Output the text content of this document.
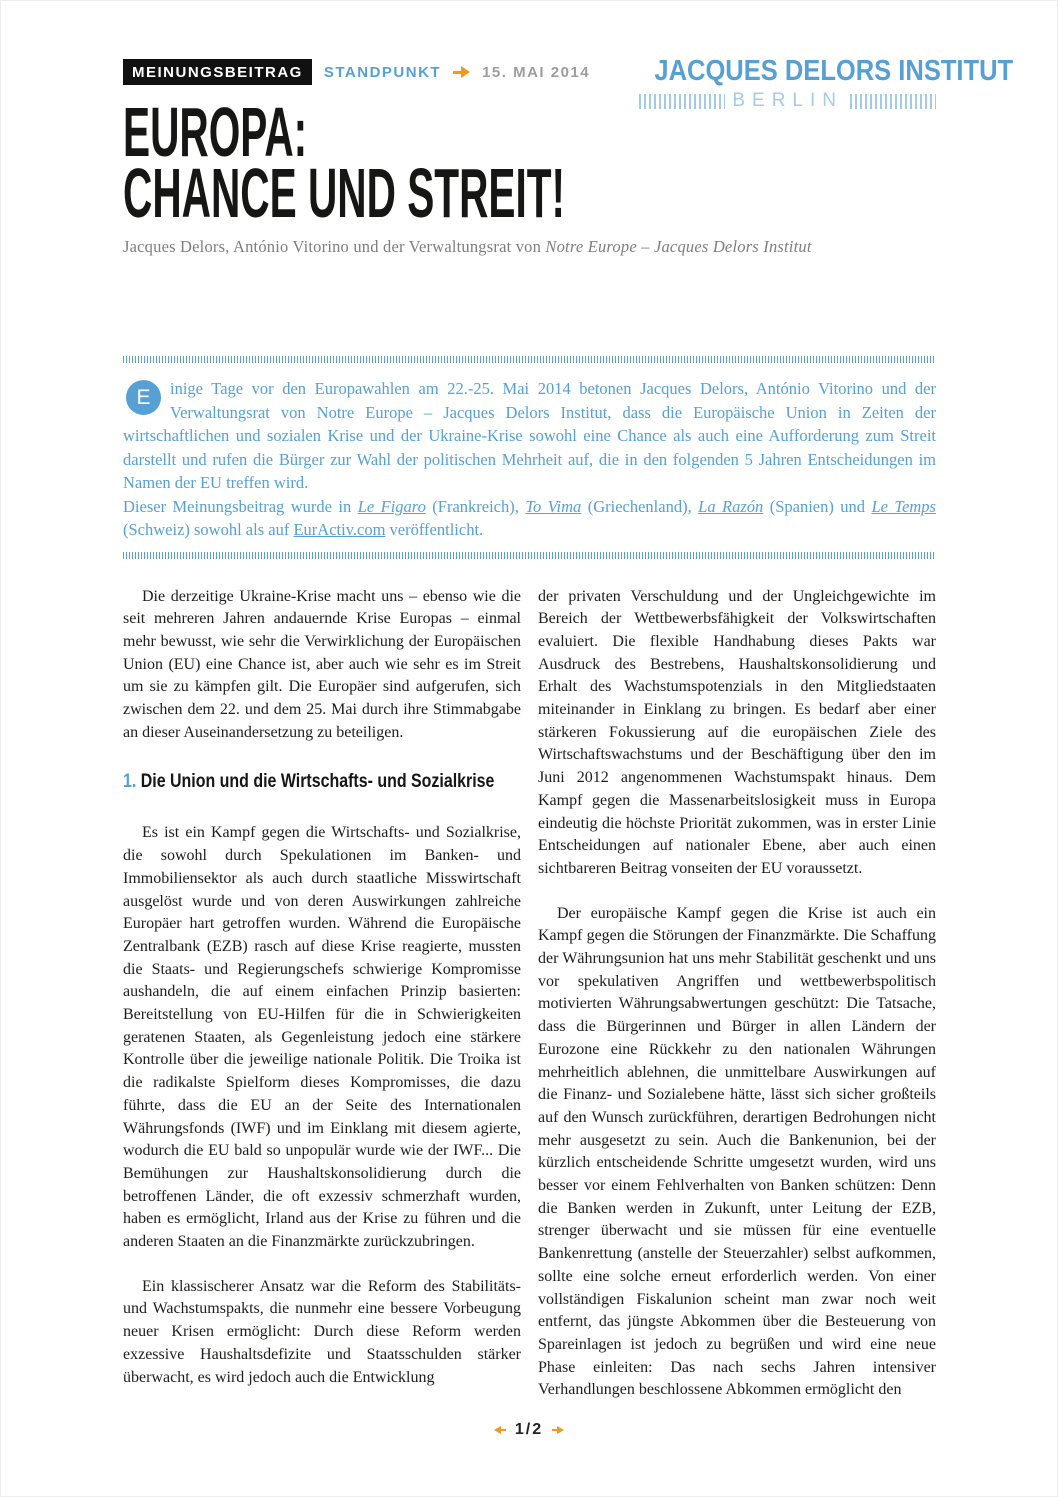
MEINUNGSBEITRAG	STANDPUNKT	15. MAI 2014 JACQUES DELORS INSTITUT
BERLIN
EUROPA:
CHANCE UND STREIT!
Jacques Delors, António Vitorino und der Verwaltungsrat von Notre Europe – Jacques Delors Institut

E	inige Tage vor den Europawahlen am 22.-25. Mai 2014 betonen Jacques Delors, António Vitorino und der Verwaltungsrat von Notre Europe – Jacques Delors Institut, dass die Europäische Union in Zeiten der wirtschaftlichen und sozialen Krise und der Ukraine-Krise sowohl eine Chance als auch eine Aufforderung zum Streit darstellt und rufen die Bürger zur Wahl der politischen Mehrheit auf, die in den folgenden 5 Jahren Entscheidungen im Namen der EU treffen wird.

Dieser Meinungsbeitrag wurde in Le Figaro (Frankreich), To Vima (Griechenland), La Razón (Spanien) und Le Temps (Schweiz) sowohl als auf EurActiv.com veröffentlicht.

Die derzeitige Ukraine-Krise macht uns – ebenso wie die seit mehreren Jahren andauernde Krise Europas – einmal mehr bewusst, wie sehr die Verwirklichung der Europäischen Union (EU) eine Chance ist, aber auch wie sehr es im Streit um sie zu kämpfen gilt. Die Europäer sind aufgerufen, sich zwischen dem 22. und dem 25. Mai durch ihre Stimmabgabe an dieser Auseinandersetzung zu beteiligen.

1. Die Union und die Wirtschafts- und Sozialkrise

Es ist ein Kampf gegen die Wirtschafts- und Sozialkrise, die sowohl durch Spekulationen im Banken- und Immobiliensektor als auch durch staatliche Misswirtschaft ausgelöst wurde und von deren Auswirkungen zahlreiche Europäer hart getroffen wurden. Während die Europäische Zentralbank (EZB) rasch auf diese Krise reagierte, mussten die Staats- und Regierungschefs schwierige Kompromisse aushandeln, die auf einem einfachen Prinzip basierten: Bereitstellung von EU-Hilfen für die in Schwierigkeiten geratenen Staaten, als Gegenleistung jedoch eine stärkere Kontrolle über die jeweilige nationale Politik. Die Troika ist die radikalste Spielform dieses Kompromisses, die dazu führte, dass die EU an der Seite des Internationalen Währungsfonds (IWF) und im Einklang mit diesem agierte, wodurch die EU bald so unpopulär wurde wie der IWF... Die Bemühungen zur Haushaltskonsolidierung durch die betroffenen Länder, die oft exzessiv schmerzhaft wurden, haben es ermöglicht, Irland aus der Krise zu führen und die anderen Staaten an die Finanzmärkte zurückzubringen.

Ein klassischerer Ansatz war die Reform des Stabilitäts- und Wachstumspakts, die nunmehr eine bessere Vorbeugung neuer Krisen ermöglicht: Durch diese Reform werden exzessive Haushaltsdefizite und Staatsschulden stärker überwacht, es wird jedoch auch die Entwicklung

der privaten Verschuldung und der Ungleichgewichte im Bereich der Wettbewerbsfähigkeit der Volkswirtschaften evaluiert. Die flexible Handhabung dieses Pakts war Ausdruck des Bestrebens, Haushaltskonsolidierung und Erhalt des Wachstumspotenzials in den Mitgliedstaaten miteinander in Einklang zu bringen. Es bedarf aber einer stärkeren Fokussierung auf die europäischen Ziele des Wirtschaftswachstums und der Beschäftigung über den im Juni 2012 angenommenen Wachstumspakt hinaus. Dem Kampf gegen die Massenarbeitslosigkeit muss in Europa eindeutig die höchste Priorität zukommen, was in erster Linie Entscheidungen auf nationaler Ebene, aber auch einen sichtbareren Beitrag vonseiten der EU voraussetzt.

Der europäische Kampf gegen die Krise ist auch ein Kampf gegen die Störungen der Finanzmärkte. Die Schaffung der Währungsunion hat uns mehr Stabilität geschenkt und uns vor spekulativen Angriffen und wettbewerbspolitisch motivierten Währungsabwertungen geschützt: Die Tatsache, dass die Bürgerinnen und Bürger in allen Ländern der Eurozone eine Rückkehr zu den nationalen Währungen mehrheitlich ablehnen, die unmittelbare Auswirkungen auf die Finanz- und Sozialebene hätte, lässt sich sicher großteils auf den Wunsch zurückführen, derartigen Bedrohungen nicht mehr ausgesetzt zu sein. Auch die Bankenunion, bei der kürzlich entscheidende Schritte umgesetzt wurden, wird uns besser vor einem Fehlverhalten von Banken schützen: Denn die Banken werden in Zukunft, unter Leitung der EZB, strenger überwacht und sie müssen für eine eventuelle Bankenrettung (anstelle der Steuerzahler) selbst aufkommen, sollte eine solche erneut erforderlich werden. Von einer vollständigen Fiskalunion scheint man zwar noch weit entfernt, das jüngste Abkommen über die Besteuerung von Spareinlagen ist jedoch zu begrüßen und wird eine neue Phase einleiten: Das nach sechs Jahren intensiver Verhandlungen beschlossene Abkommen ermöglicht den

1/2
